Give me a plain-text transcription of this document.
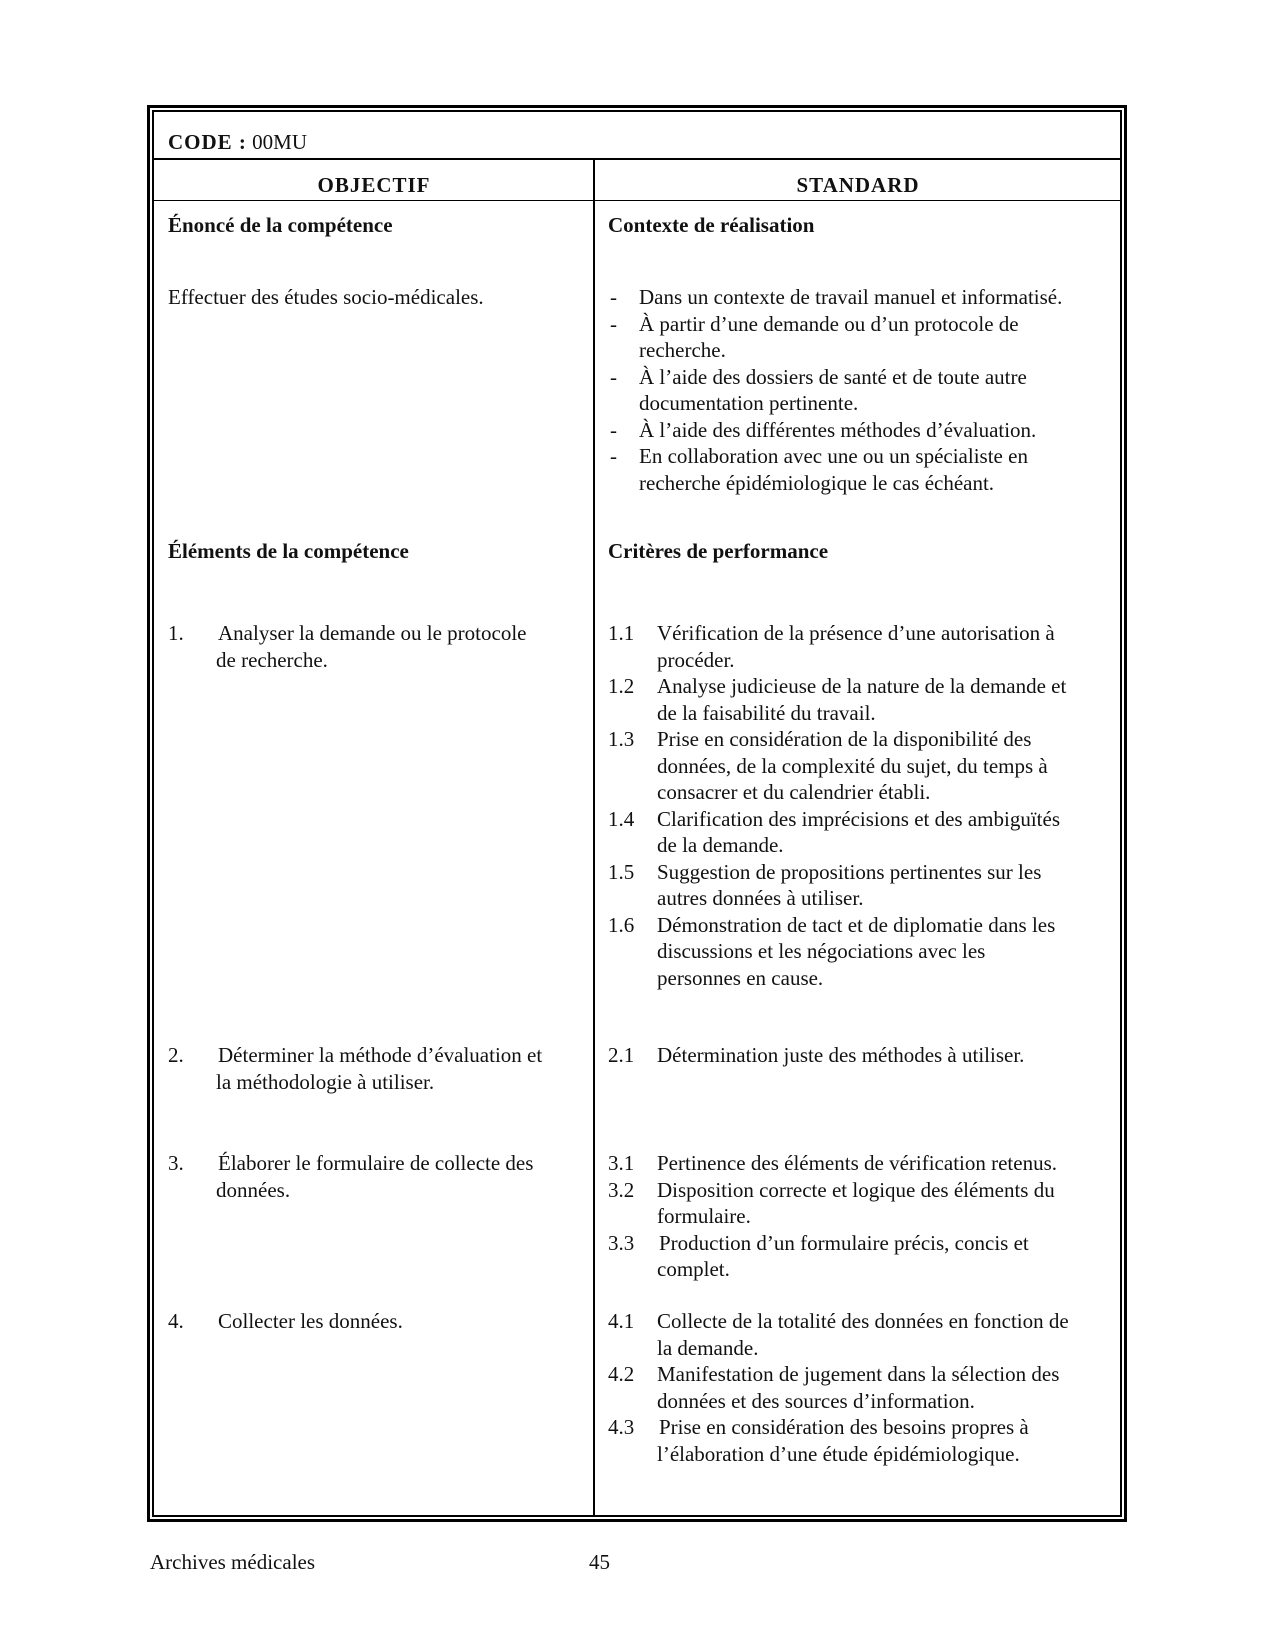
CODE : 00MU
OBJECTIF	STANDARD
Énoncé de la compétence
Effectuer des études socio-médicales.
Éléments de la compétence
1. Analyser la demande ou le protocole
de recherche.
2. Déterminer la méthode d’évaluation et
la méthodologie à utiliser.
3. Élaborer le formulaire de collecte des
données.
4. Collecter les données.
Contexte de réalisation
- Dans un contexte de travail manuel et informatisé.
- À partir d’une demande ou d’un protocole de
recherche.
- À l’aide des dossiers de santé et de toute autre
documentation pertinente.
- À l’aide des différentes méthodes d’évaluation.
- En collaboration avec une ou un spécialiste en
recherche épidémiologique le cas échéant.
Critères de performance
1.1 Vérification de la présence d’une autorisation à
procéder.
1.2 Analyse judicieuse de la nature de la demande et
de la faisabilité du travail.
1.3 Prise en considération de la disponibilité des
données, de la complexité du sujet, du temps à
consacrer et du calendrier établi.
1.4 Clarification des imprécisions et des ambiguïtés
de la demande.
1.5 Suggestion de propositions pertinentes sur les
autres données à utiliser.
1.6 Démonstration de tact et de diplomatie dans les
discussions et les négociations avec les
personnes en cause.
2.1 Détermination juste des méthodes à utiliser.
3.1 Pertinence des éléments de vérification retenus.
3.2 Disposition correcte et logique des éléments du
formulaire.
3.3 Production d’un formulaire précis, concis et
complet.
4.1 Collecte de la totalité des données en fonction de
la demande.
4.2 Manifestation de jugement dans la sélection des
données et des sources d’information.
4.3 Prise en considération des besoins propres à
l’élaboration d’une étude épidémiologique.
Archives médicales	45
